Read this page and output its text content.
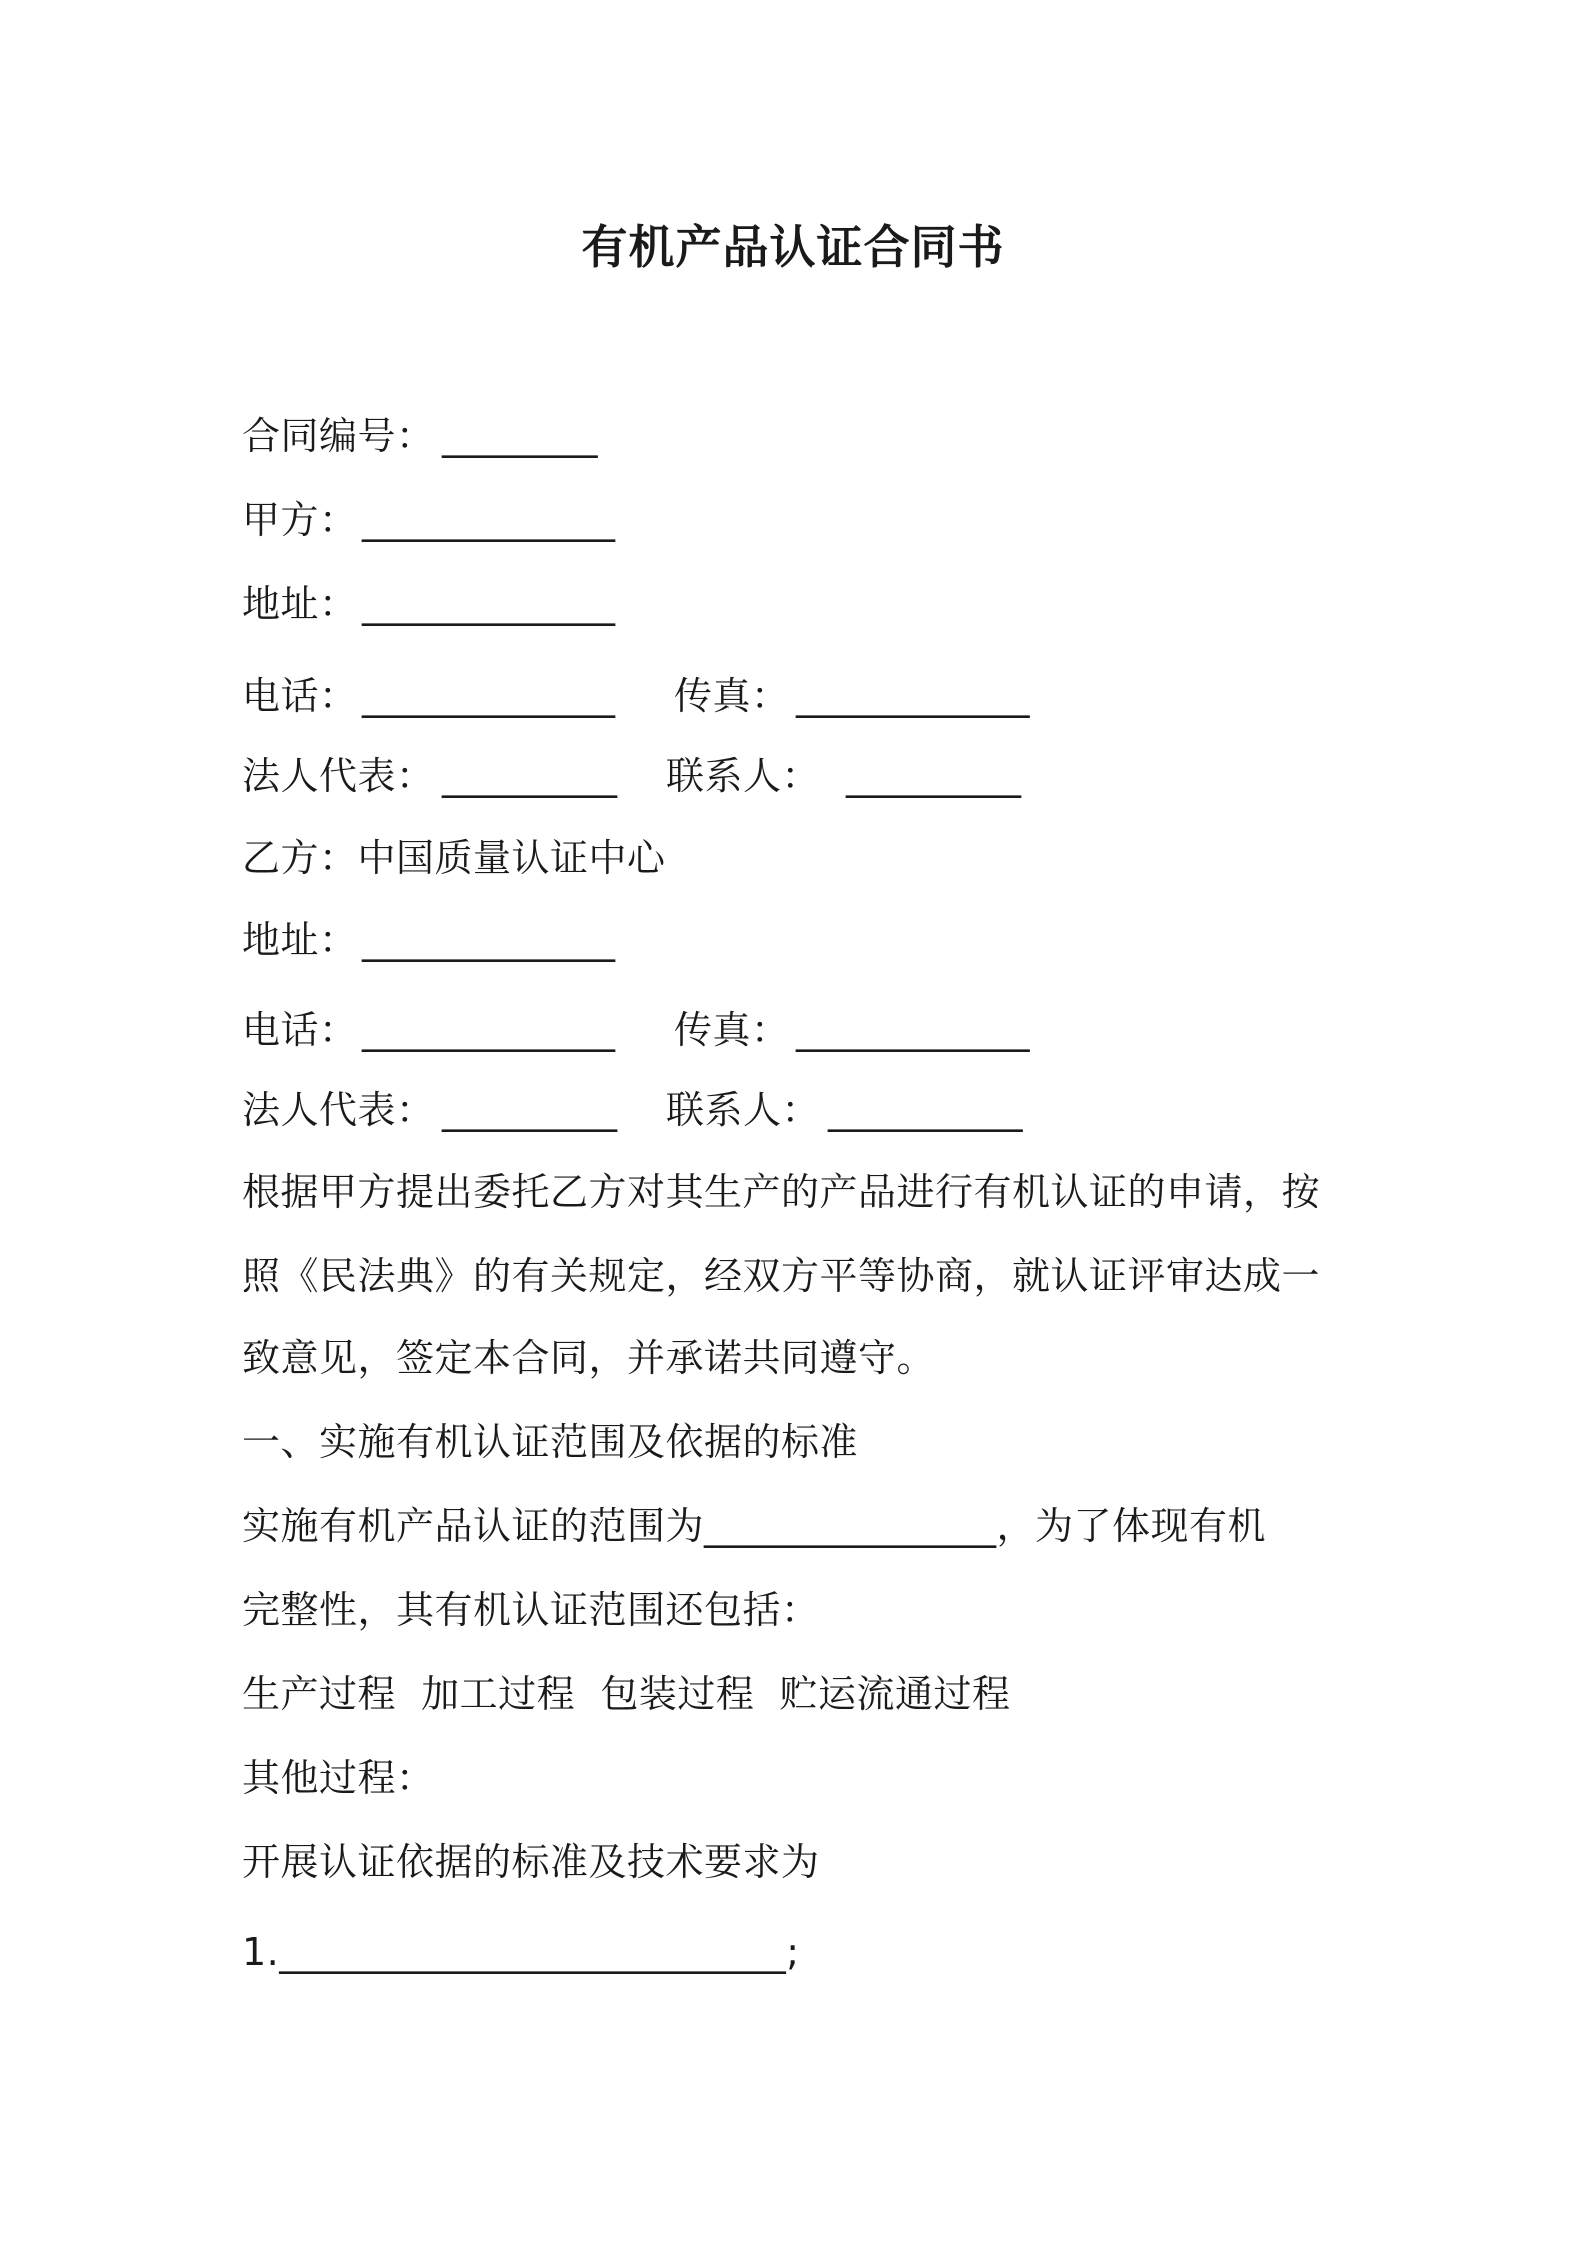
有机产品认证合同书

合同编号：

________

甲方：

_____________

地址：

_____________

电话：

_____________

传真：

____________

法人代表：

_________

联系人：

_________

乙方：中国质量认证中心

地址：

_____________

电话：

_____________

传真：

____________

法人代表：

_________

联系人：

__________

根据甲方提出委托乙方对其生产的产品进行有机认证的申请，按
照《民法典》的有关规定，经双方平等协商，就认证评审达成一
致意见，签定本合同，并承诺共同遵守。
一、实施有机认证范围及依据的标准
实施有机产品认证的范围为_______________，为了体现有机
完整性，其有机认证范围还包括：
生产过程  加工过程  包装过程  贮运流通过程
其他过程：
开展认证依据的标准及技术要求为
1.__________________________;
